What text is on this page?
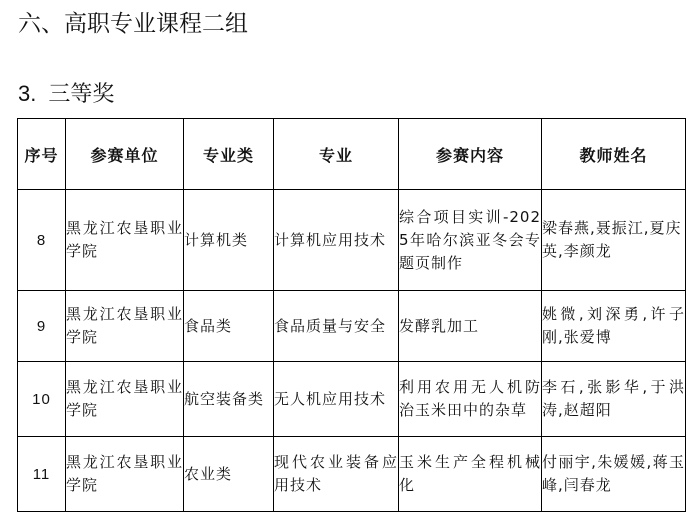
六、高职专业课程二组
3. 三等奖
序号	参赛单位	专业类	专业	参赛内容	教师姓名
8	黑龙江农垦职业学院	计算机类	计算机应用技术	综合项目实训-2025年哈尔滨亚冬会专题页制作	梁春燕,聂振江,夏庆英,李颜龙
9	黑龙江农垦职业学院	食品类	食品质量与安全	发酵乳加工	姚微,刘深勇,许子刚,张爱博
10	黑龙江农垦职业学院	航空装备类	无人机应用技术	利用农用无人机防治玉米田中的杂草	李石,张影华,于洪涛,赵超阳
11	黑龙江农垦职业学院	农业类	现代农业装备应用技术	玉米生产全程机械化	付丽宇,朱媛媛,蒋玉峰,闫春龙
